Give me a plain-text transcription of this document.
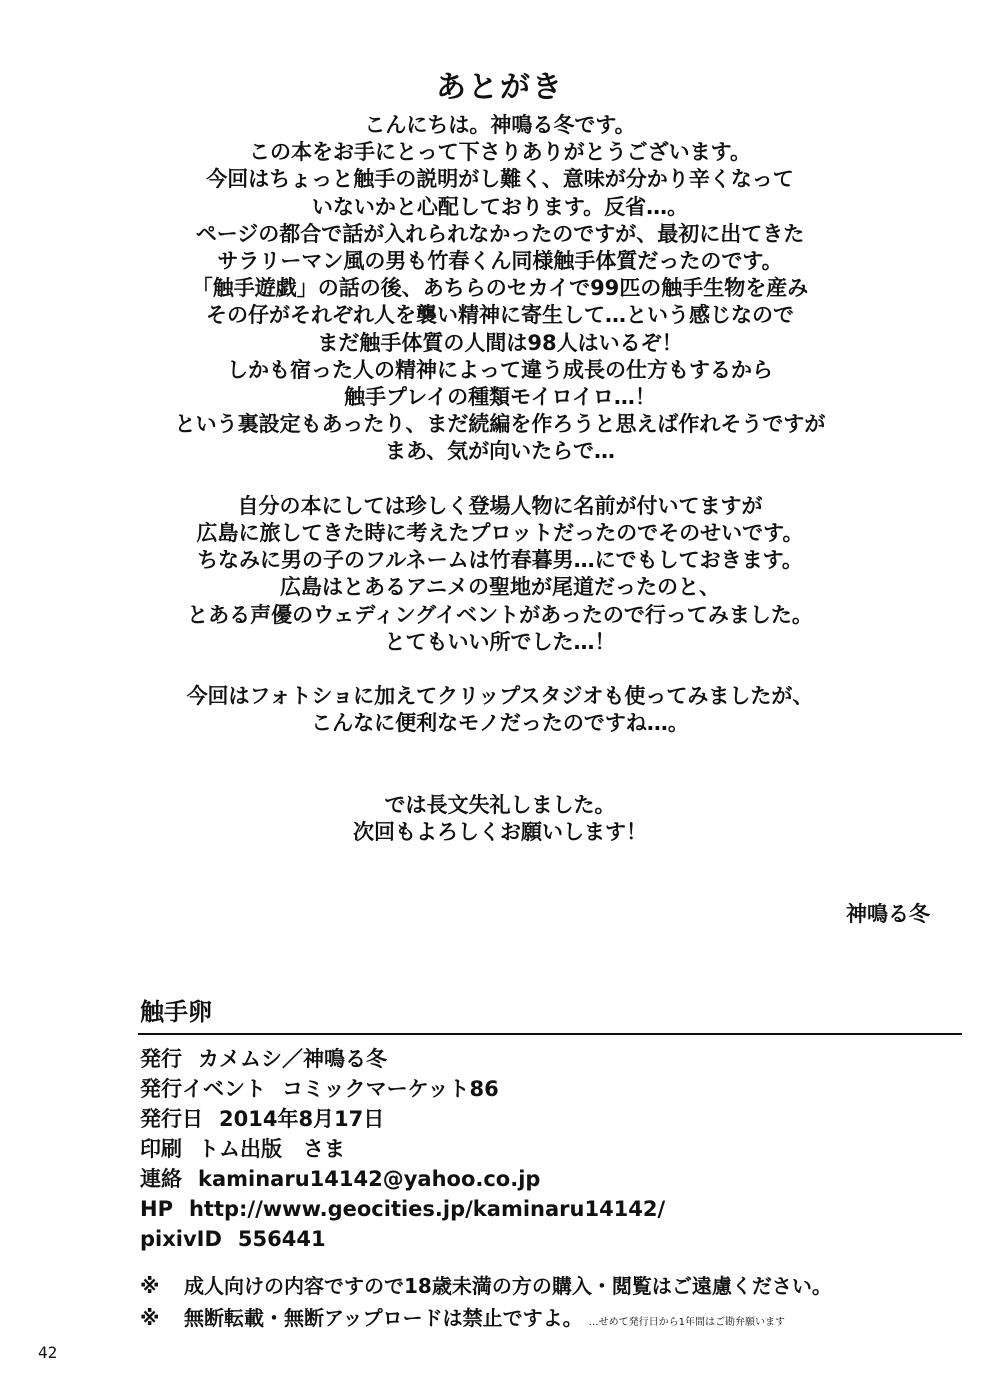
あとがき
こんにちは。神鳴る冬です。
この本をお手にとって下さりありがとうございます。
今回はちょっと触手の説明がし難く、意味が分かり辛くなって
いないかと心配しております。反省…。
ページの都合で話が入れられなかったのですが、最初に出てきた
サラリーマン風の男も竹春くん同様触手体質だったのです。
「触手遊戯」の話の後、あちらのセカイで99匹の触手生物を産み
その仔がそれぞれ人を襲い精神に寄生して…という感じなので
まだ触手体質の人間は98人はいるぞ！
しかも宿った人の精神によって違う成長の仕方もするから
触手プレイの種類モイロイロ…！
という裏設定もあったり、まだ続編を作ろうと思えば作れそうですが
まあ、気が向いたらで…
自分の本にしては珍しく登場人物に名前が付いてますが
広島に旅してきた時に考えたプロットだったのでそのせいです。
ちなみに男の子のフルネームは竹春暮男…にでもしておきます。
広島はとあるアニメの聖地が尾道だったのと、
とある声優のウェディングイベントがあったので行ってみました。
とてもいい所でした…！
今回はフォトショに加えてクリップスタジオも使ってみましたが、
こんなに便利なモノだったのですね…。
では長文失礼しました。
次回もよろしくお願いします！
神鳴る冬
触手卵
発行 カメムシ／神鳴る冬
発行イベント コミックマーケット86
発行日 2014年8月17日
印刷 トム出版　さま
連絡 kaminaru14142@yahoo.co.jp
HP http://www.geocities.jp/kaminaru14142/
pixivID 556441
※ 成人向けの内容ですので18歳未満の方の購入・閲覧はご遠慮ください。
※ 無断転載・無断アップロードは禁止ですよ。 …せめて発行日から1年間はご勘弁願います
42
